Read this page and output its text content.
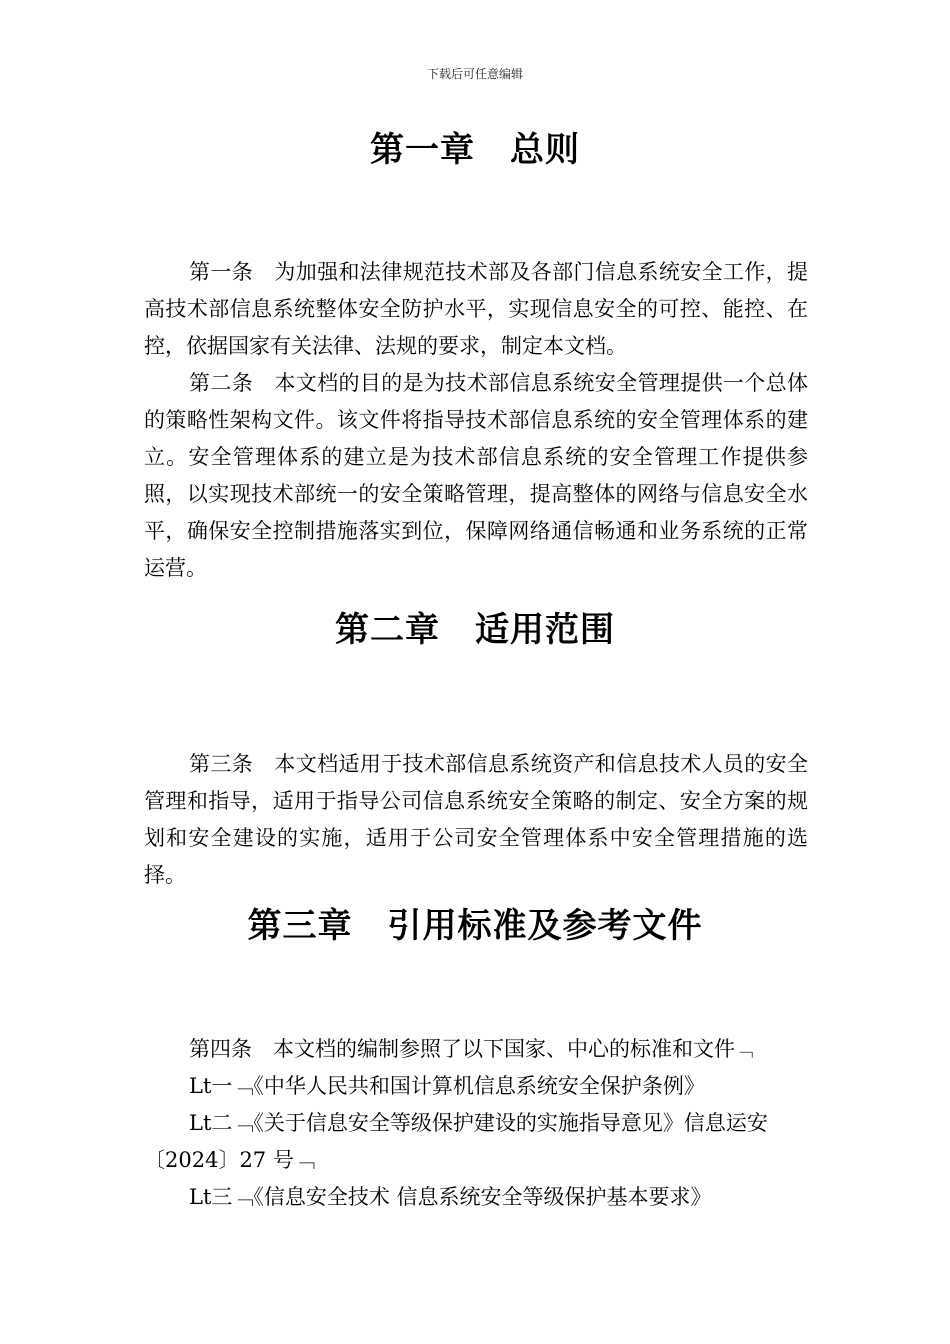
下载后可任意编辑
第一章　总则
第一条　为加强和法律规范技术部及各部门信息系统安全工作，提高技术部信息系统整体安全防护水平，实现信息安全的可控、能控、在控，依据国家有关法律、法规的要求，制定本文档。
第二条　本文档的目的是为技术部信息系统安全管理提供一个总体的策略性架构文件。该文件将指导技术部信息系统的安全管理体系的建立。安全管理体系的建立是为技术部信息系统的安全管理工作提供参照，以实现技术部统一的安全策略管理，提高整体的网络与信息安全水平，确保安全控制措施落实到位，保障网络通信畅通和业务系统的正常运营。
第二章　适用范围
第三条　本文档适用于技术部信息系统资产和信息技术人员的安全管理和指导，适用于指导公司信息系统安全策略的制定、安全方案的规划和安全建设的实施，适用于公司安全管理体系中安全管理措施的选择。
第三章　引用标准及参考文件
第四条　本文档的编制参照了以下国家、中心的标准和文件﹁
Lt一﹁《中华人民共和国计算机信息系统安全保护条例》
Lt二﹁《关于信息安全等级保护建设的实施指导意见》信息运安
〔2024〕27 号﹁
Lt三﹁《信息安全技术 信息系统安全等级保护基本要求》
